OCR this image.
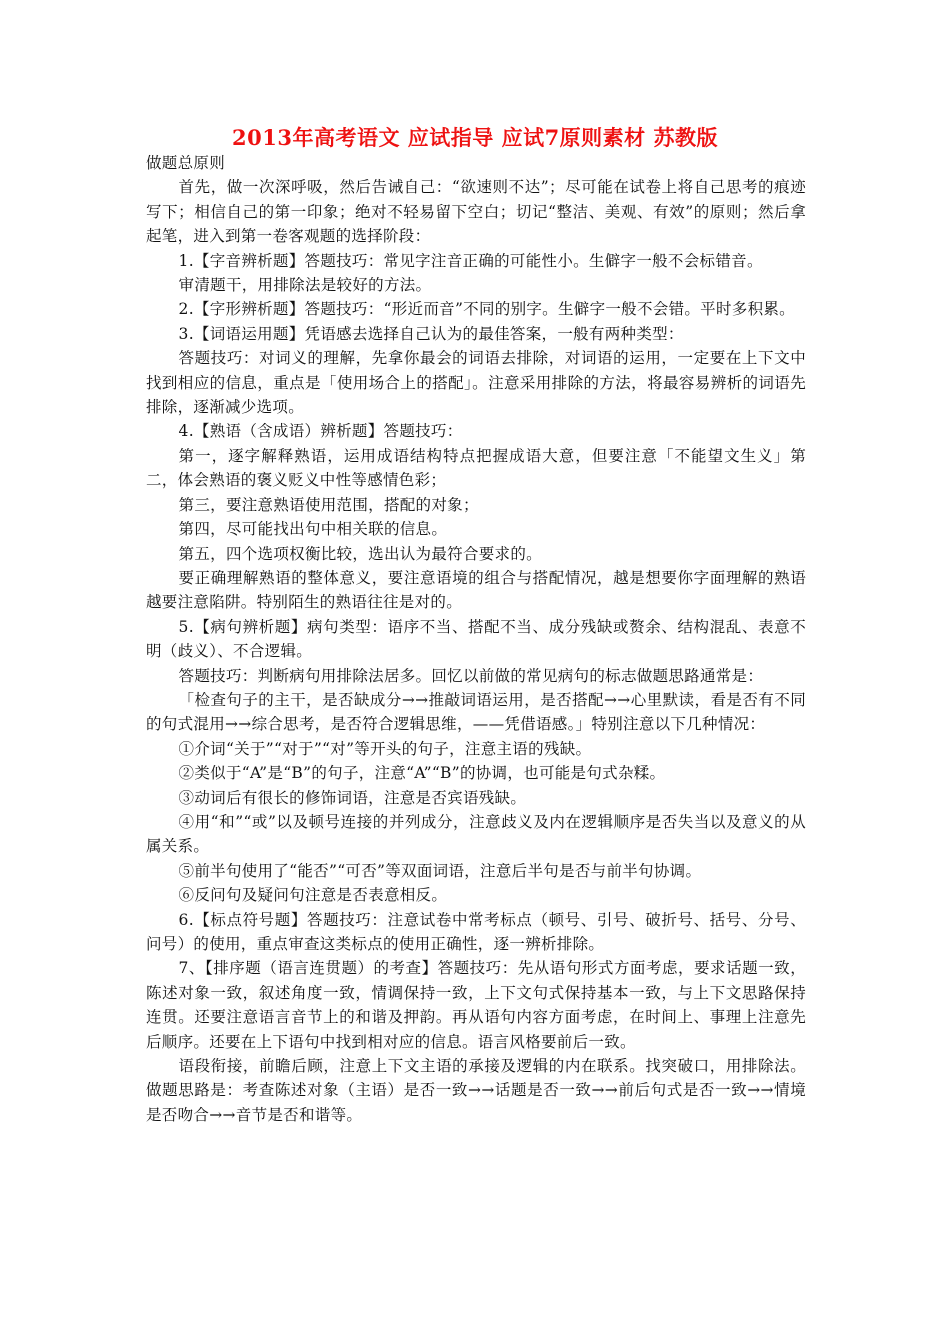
2013年高考语文 应试指导 应试7原则素材 苏教版

做题总原则

首先，做一次深呼吸，然后告诫自己：“欲速则不达”；尽可能在试卷上将自己思考的痕迹写下；相信自己的第一印象；绝对不轻易留下空白；切记“整洁、美观、有效”的原则；然后拿起笔，进入到第一卷客观题的选择阶段：

1.【字音辨析题】答题技巧：常见字注音正确的可能性小。生僻字一般不会标错音。

审清题干，用排除法是较好的方法。

2.【字形辨析题】答题技巧：“形近而音”不同的别字。生僻字一般不会错。平时多积累。

3.【词语运用题】凭语感去选择自己认为的最佳答案，一般有两种类型：

答题技巧：对词义的理解，先拿你最会的词语去排除，对词语的运用，一定要在上下文中找到相应的信息，重点是「使用场合上的搭配」。注意采用排除的方法，将最容易辨析的词语先排除，逐渐减少选项。

4.【熟语（含成语）辨析题】答题技巧：

第一，逐字解释熟语，运用成语结构特点把握成语大意，但要注意「不能望文生义」第二，体会熟语的褒义贬义中性等感情色彩；

第三，要注意熟语使用范围，搭配的对象；

第四，尽可能找出句中相关联的信息。

第五，四个选项权衡比较，选出认为最符合要求的。

要正确理解熟语的整体意义，要注意语境的组合与搭配情况，越是想要你字面理解的熟语越要注意陷阱。特别陌生的熟语往往是对的。

5.【病句辨析题】病句类型：语序不当、搭配不当、成分残缺或赘余、结构混乱、表意不明（歧义）、不合逻辑。

答题技巧：判断病句用排除法居多。回忆以前做的常见病句的标志做题思路通常是：

「检查句子的主干，是否缺成分→→推敲词语运用，是否搭配→→心里默读，看是否有不同的句式混用→→综合思考，是否符合逻辑思维，——凭借语感。」特别注意以下几种情况：

①介词“关于”“对于”“对”等开头的句子，注意主语的残缺。

②类似于“A”是“B”的句子，注意“A”“B”的协调，也可能是句式杂糅。

③动词后有很长的修饰词语，注意是否宾语残缺。

④用“和”“或”以及顿号连接的并列成分，注意歧义及内在逻辑顺序是否失当以及意义的从属关系。

⑤前半句使用了“能否”“可否”等双面词语，注意后半句是否与前半句协调。

⑥反问句及疑问句注意是否表意相反。

6.【标点符号题】答题技巧：注意试卷中常考标点（顿号、引号、破折号、括号、分号、问号）的使用，重点审查这类标点的使用正确性，逐一辨析排除。

7、【排序题（语言连贯题）的考查】答题技巧：先从语句形式方面考虑，要求话题一致，陈述对象一致，叙述角度一致，情调保持一致，上下文句式保持基本一致，与上下文思路保持连贯。还要注意语言音节上的和谐及押韵。再从语句内容方面考虑，在时间上、事理上注意先后顺序。还要在上下语句中找到相对应的信息。语言风格要前后一致。

语段衔接，前瞻后顾，注意上下文主语的承接及逻辑的内在联系。找突破口，用排除法。做题思路是：考查陈述对象（主语）是否一致→→话题是否一致→→前后句式是否一致→→情境是否吻合→→音节是否和谐等。
